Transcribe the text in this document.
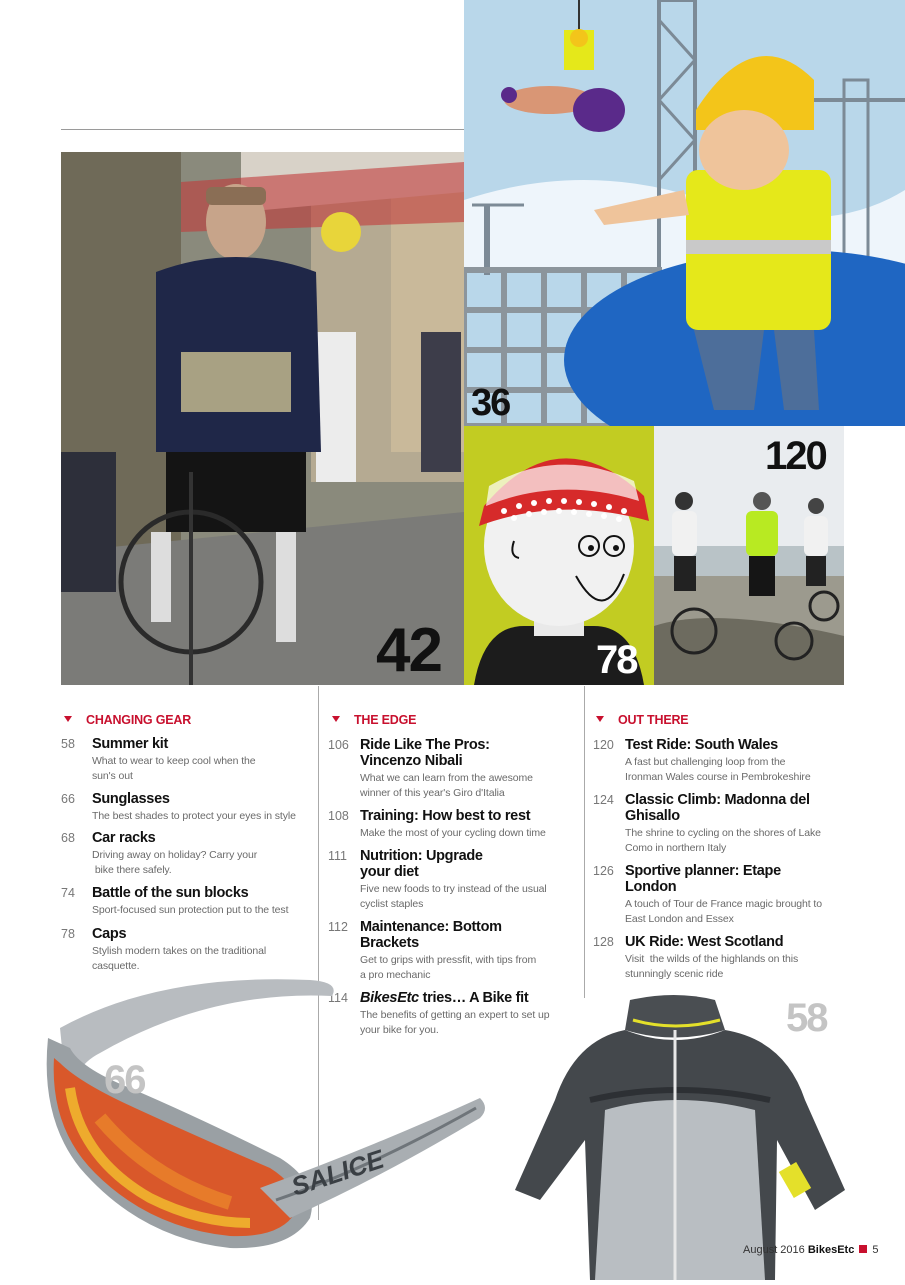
42
36
78
120
CHANGING GEAR
58 Summer kit
What to wear to keep cool when the
sun's out
66 Sunglasses
The best shades to protect your eyes in style
68 Car racks
Driving away on holiday? Carry your
bike there safely.
74 Battle of the sun blocks
Sport-focused sun protection put to the test
78 Caps
Stylish modern takes on the traditional
casquette.
THE EDGE
106 Ride Like The Pros:
Vincenzo Nibali
What we can learn from the awesome
winner of this year's Giro d'Italia
108 Training: How best to rest
Make the most of your cycling down time
111 Nutrition: Upgrade
your diet
Five new foods to try instead of the usual
cyclist staples
112 Maintenance: Bottom
Brackets
Get to grips with pressfit, with tips from
a pro mechanic
114 BikesEtc tries… A Bike fit
The benefits of getting an expert to set up
your bike for you.
OUT THERE
120 Test Ride: South Wales
A fast but challenging loop from the
Ironman Wales course in Pembrokeshire
124 Classic Climb: Madonna del
Ghisallo
The shrine to cycling on the shores of Lake
Como in northern Italy
126 Sportive planner: Etape
London
A touch of Tour de France magic brought to
East London and Essex
128 UK Ride: West Scotland
Visit  the wilds of the highlands on this
stunningly scenic ride
SALICE
66
58
August 2016 BikesEtc 5
